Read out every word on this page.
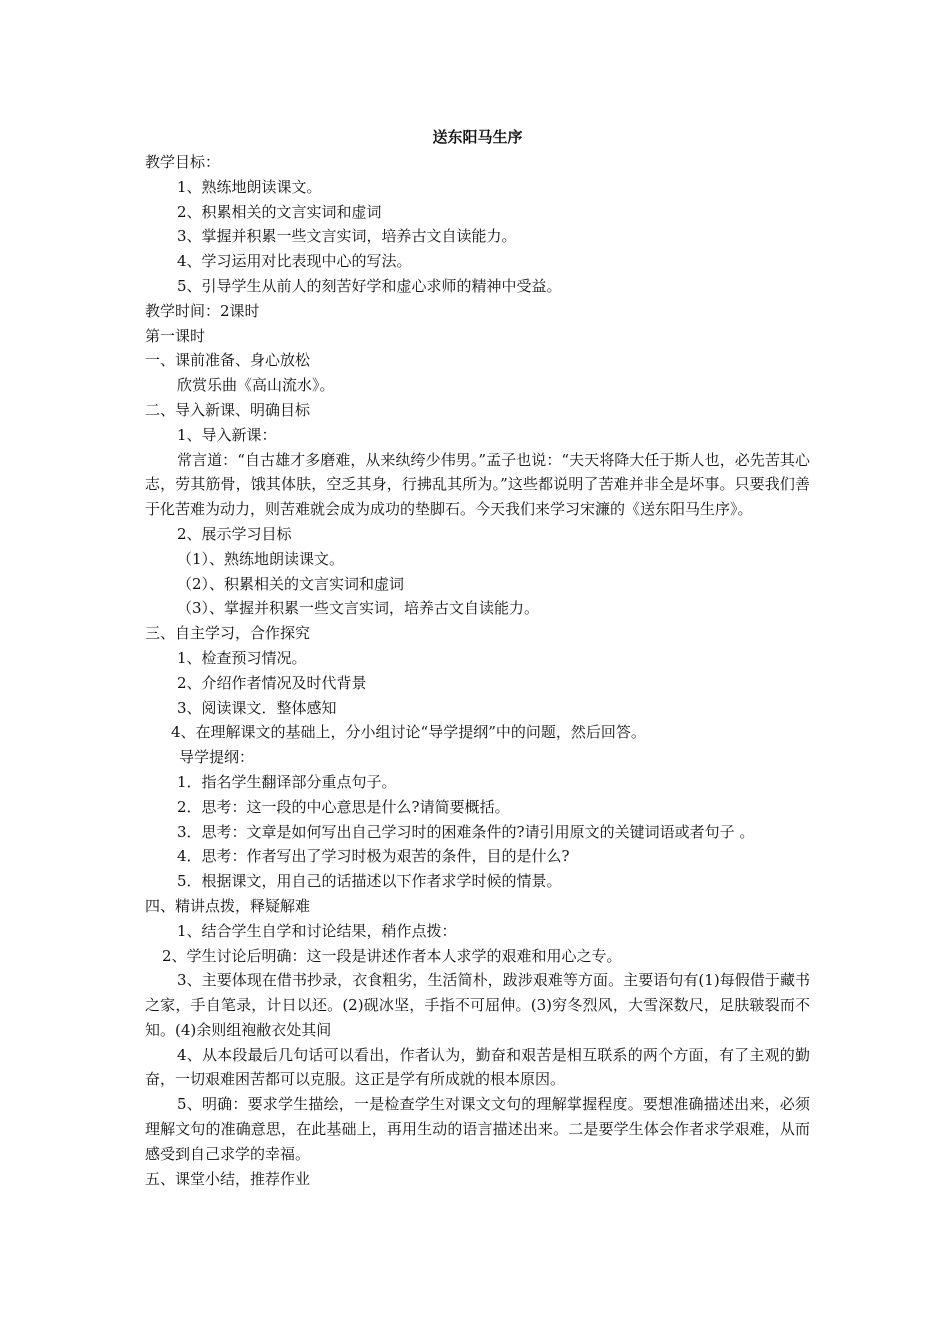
送东阳马生序
教学目标：
1、熟练地朗读课文。
2、积累相关的文言实词和虚词
3、掌握并积累一些文言实词，培养古文自读能力。
4、学习运用对比表现中心的写法。
5、引导学生从前人的刻苦好学和虚心求师的精神中受益。
教学时间：2课时
第一课时
一、课前准备、身心放松
欣赏乐曲《高山流水》。
二、导入新课、明确目标
1、导入新课：
常言道：“自古雄才多磨难，从来纨绔少伟男。”孟子也说：“夫天将降大任于斯人也，必先苦其心志，劳其筋骨，饿其体肤，空乏其身，行拂乱其所为。”这些都说明了苦难并非全是坏事。只要我们善于化苦难为动力，则苦难就会成为成功的垫脚石。今天我们来学习宋濂的《送东阳马生序》。
2、展示学习目标
（1）、熟练地朗读课文。
（2）、积累相关的文言实词和虚词
（3）、掌握并积累一些文言实词，培养古文自读能力。
三、自主学习，合作探究
1、检查预习情况。
2、介绍作者情况及时代背景
3、阅读课文．整体感知
4、在理解课文的基础上，分小组讨论“导学提纲”中的问题，然后回答。
导学提纲：
1．指名学生翻译部分重点句子。
2．思考：这一段的中心意思是什么?请简要概括。
3．思考：文章是如何写出自己学习时的困难条件的?请引用原文的关键词语或者句子 。
4．思考：作者写出了学习时极为艰苦的条件，目的是什么?
5．根据课文，用自己的话描述以下作者求学时候的情景。
四、精讲点拨，释疑解难
1、结合学生自学和讨论结果，稍作点拨：
2、学生讨论后明确：这一段是讲述作者本人求学的艰难和用心之专。
3、主要体现在借书抄录，衣食粗劣，生活简朴，跋涉艰难等方面。主要语句有(1)每假借于藏书之家，手自笔录，计日以还。(2)砚冰坚，手指不可屈伸。(3)穷冬烈风，大雪深数尺，足肤皲裂而不知。(4)余则组袍敝衣处其间
4、从本段最后几句话可以看出，作者认为，勤奋和艰苦是相互联系的两个方面，有了主观的勤奋，一切艰难困苦都可以克服。这正是学有所成就的根本原因。
5、明确：要求学生描绘，一是检查学生对课文文句的理解掌握程度。要想准确描述出来，必须理解文句的准确意思，在此基础上，再用生动的语言描述出来。二是要学生体会作者求学艰难，从而感受到自己求学的幸福。
五、课堂小结，推荐作业
